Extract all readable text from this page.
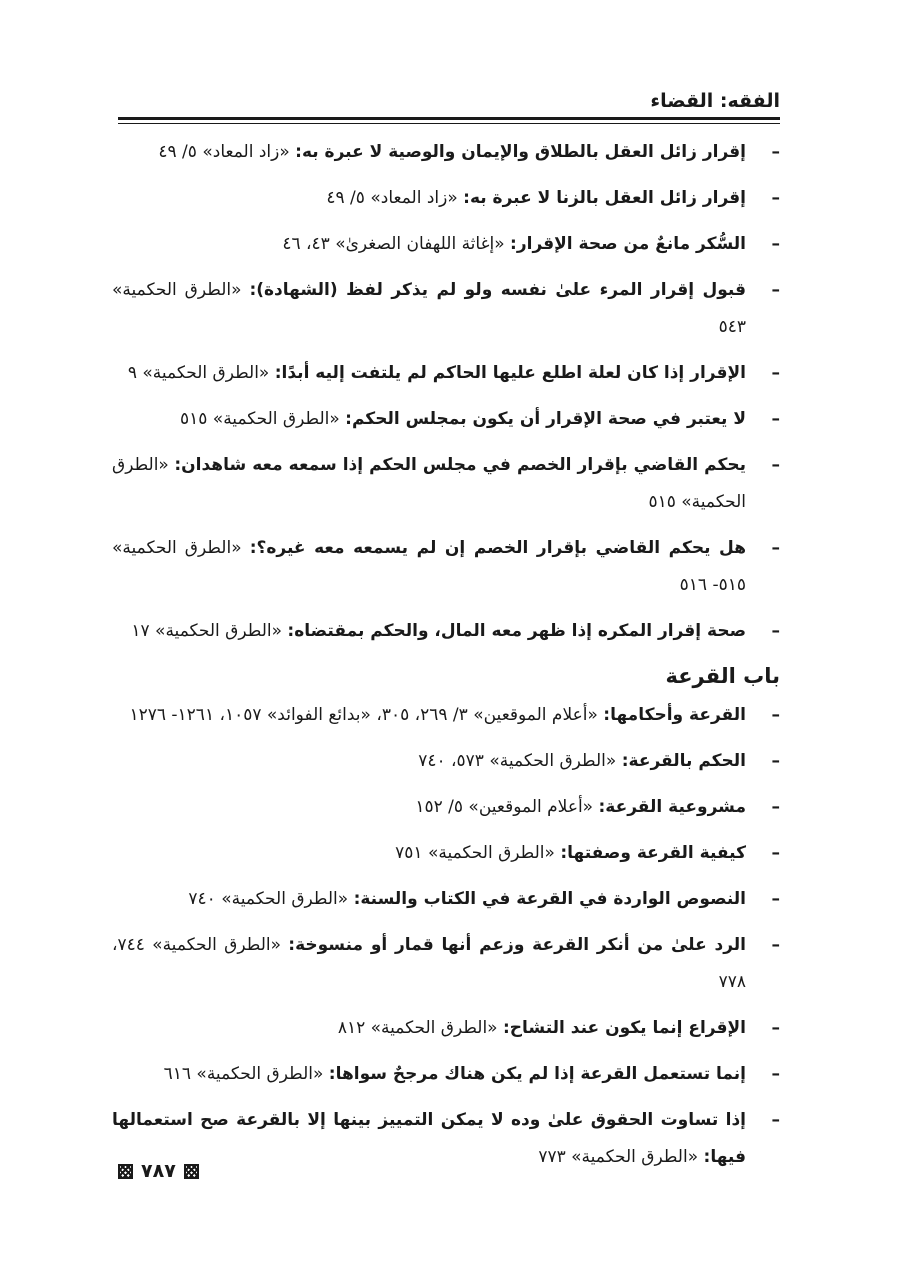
الفقه: القضاء
–
إقرار زائل العقل بالطلاق والإيمان والوصية لا عبرة به: «زاد المعاد» ٥/ ٤٩
–
إقرار زائل العقل بالزنا لا عبرة به: «زاد المعاد» ٥/ ٤٩
–
السُّكر مانعٌ من صحة الإقرار: «إغاثة اللهفان الصغرىٰ» ٤٣، ٤٦
–
قبول إقرار المرء علىٰ نفسه ولو لم يذكر لفظ (الشهادة): «الطرق الحكمية» ٥٤٣
–
الإقرار إذا كان لعلة اطلع عليها الحاكم لم يلتفت إليه أبدًا: «الطرق الحكمية» ٩
–
لا يعتبر في صحة الإقرار أن يكون بمجلس الحكم: «الطرق الحكمية» ٥١٥
–
يحكم القاضي بإقرار الخصم في مجلس الحكم إذا سمعه معه شاهدان: «الطرق الحكمية» ٥١٥
–
هل يحكم القاضي بإقرار الخصم إن لم يسمعه معه غيره؟: «الطرق الحكمية» ٥١٥- ٥١٦
–
صحة إقرار المكره إذا ظهر معه المال، والحكم بمقتضاه: «الطرق الحكمية» ١٧
باب القرعة
–
القرعة وأحكامها: «أعلام الموقعين» ٣/ ٢٦٩، ٣٠٥، «بدائع الفوائد» ١٠٥٧، ١٢٦١- ١٢٧٦
–
الحكم بالقرعة: «الطرق الحكمية» ٥٧٣، ٧٤٠
–
مشروعية القرعة: «أعلام الموقعين» ٥/ ١٥٢
–
كيفية القرعة وصفتها: «الطرق الحكمية» ٧٥١
–
النصوص الواردة في القرعة في الكتاب والسنة: «الطرق الحكمية» ٧٤٠
–
الرد علىٰ من أنكر القرعة وزعم أنها قمار أو منسوخة: «الطرق الحكمية» ٧٤٤، ٧٧٨
–
الإقراع إنما يكون عند التشاح: «الطرق الحكمية» ٨١٢
–
إنما تستعمل القرعة إذا لم يكن هناك مرجحٌ سواها: «الطرق الحكمية» ٦١٦
–
إذا تساوت الحقوق علىٰ وده لا يمكن التمييز بينها إلا بالقرعة صح استعمالها فيها: «الطرق الحكمية» ٧٧٣
٧٨٧
